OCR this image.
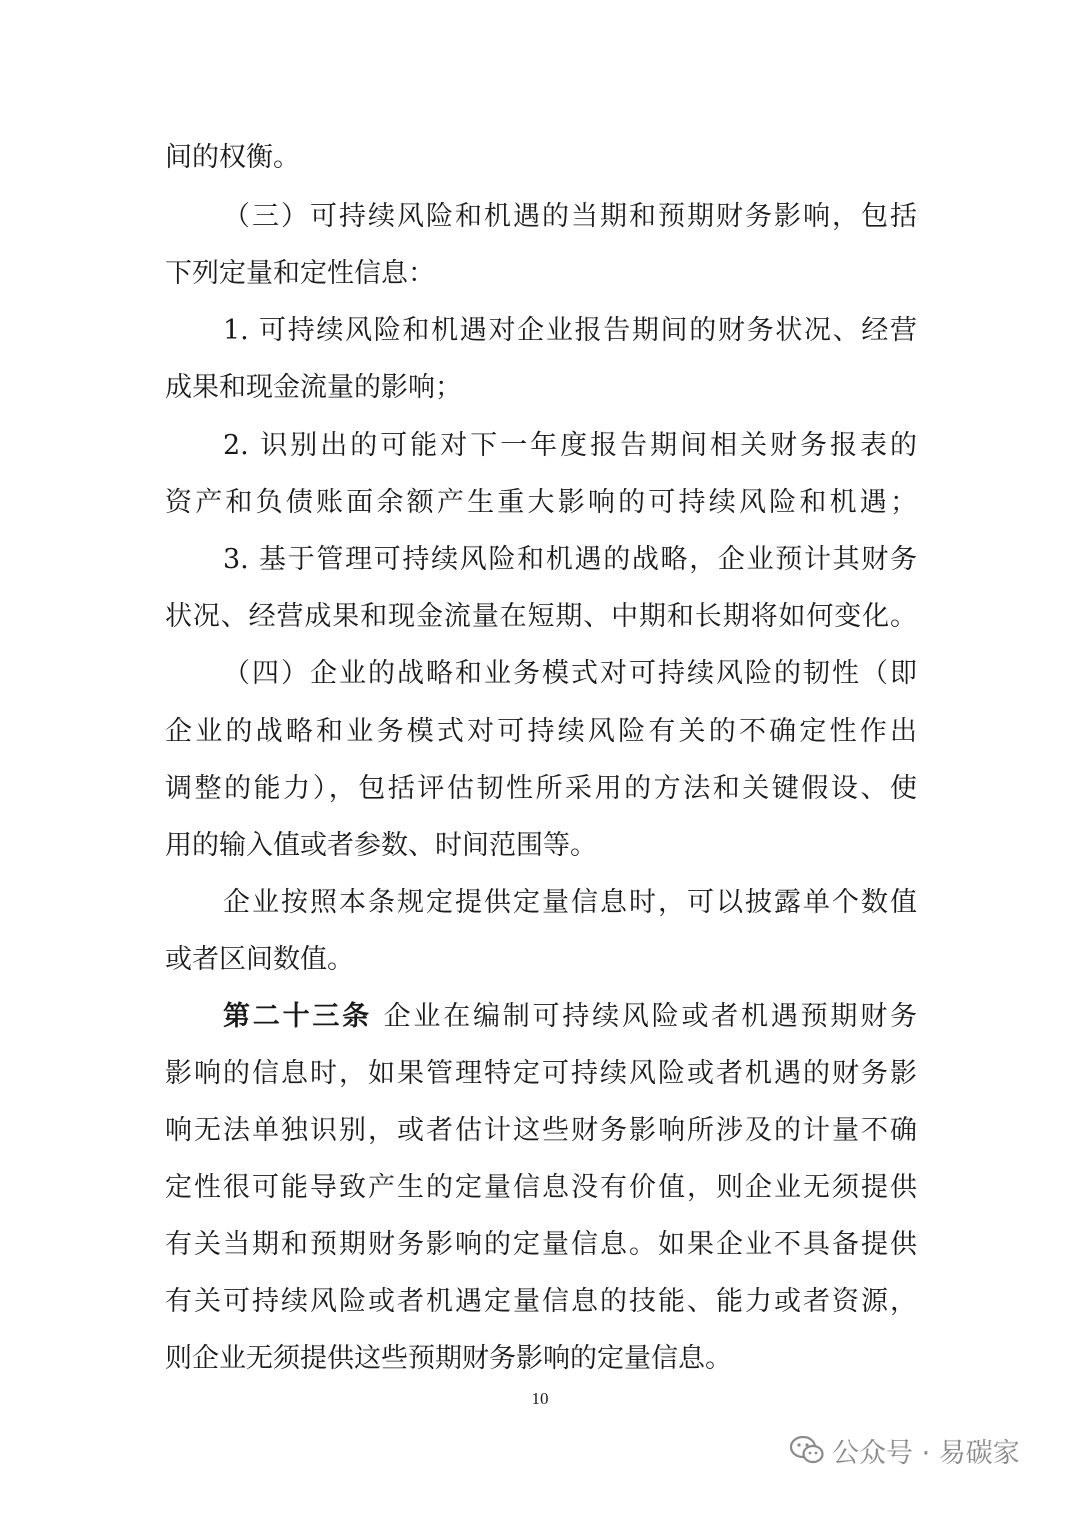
间的权衡。
（三）可持续风险和机遇的当期和预期财务影响，包括
下列定量和定性信息：
1. 可持续风险和机遇对企业报告期间的财务状况、经营
成果和现金流量的影响；
2. 识别出的可能对下一年度报告期间相关财务报表的
资产和负债账面余额产生重大影响的可持续风险和机遇；
3. 基于管理可持续风险和机遇的战略，企业预计其财务
状况、经营成果和现金流量在短期、中期和长期将如何变化。
（四）企业的战略和业务模式对可持续风险的韧性（即
企业的战略和业务模式对可持续风险有关的不确定性作出
调整的能力），包括评估韧性所采用的方法和关键假设、使
用的输入值或者参数、时间范围等。
企业按照本条规定提供定量信息时，可以披露单个数值
或者区间数值。
第二十三条  企业在编制可持续风险或者机遇预期财务
影响的信息时，如果管理特定可持续风险或者机遇的财务影
响无法单独识别，或者估计这些财务影响所涉及的计量不确
定性很可能导致产生的定量信息没有价值，则企业无须提供
有关当期和预期财务影响的定量信息。如果企业不具备提供
有关可持续风险或者机遇定量信息的技能、能力或者资源，
则企业无须提供这些预期财务影响的定量信息。
10
公众号 · 易碳家
